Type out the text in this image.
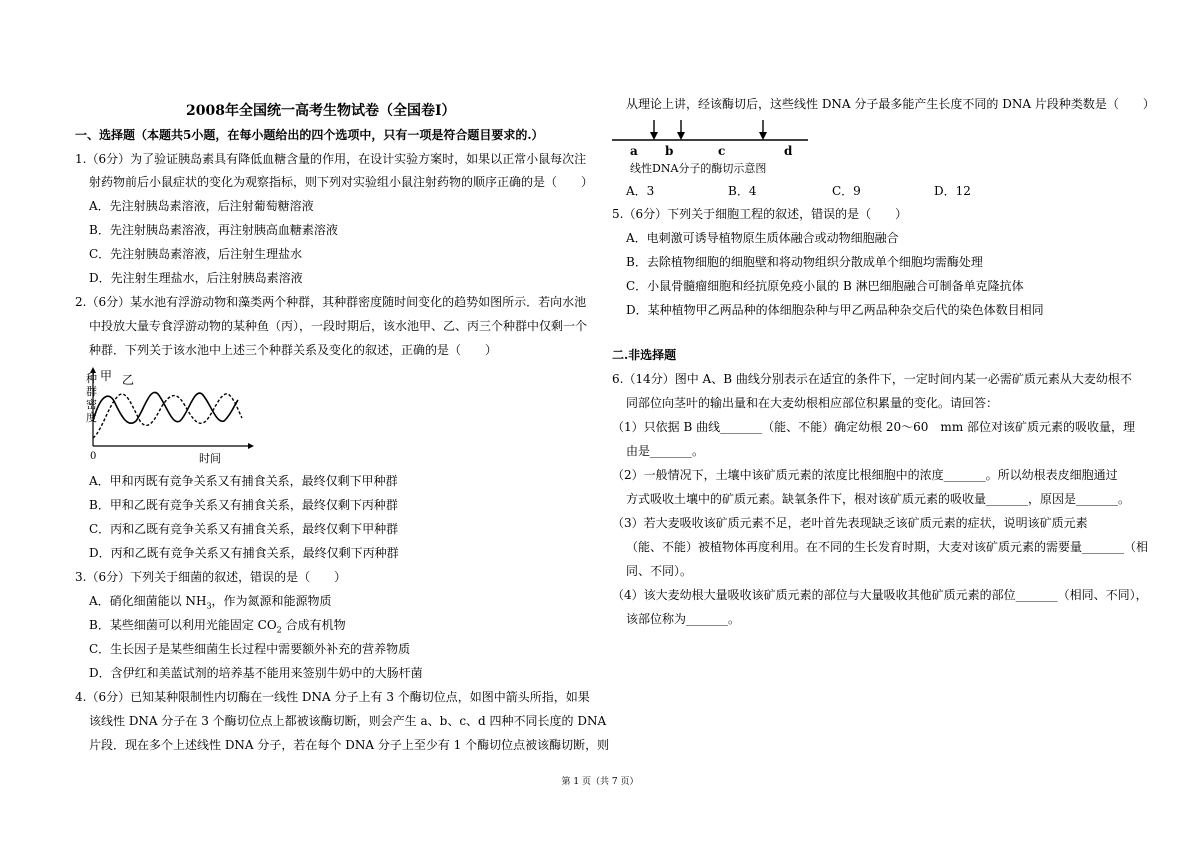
2008年全国统一高考生物试卷（全国卷Ⅰ）
一、选择题（本题共5小题，在每小题给出的四个选项中，只有一项是符合题目要求的.）
1.（6分）为了验证胰岛素具有降低血糖含量的作用，在设计实验方案时，如果以正常小鼠每次注
射药物前后小鼠症状的变化为观察指标，则下列对实验组小鼠注射药物的顺序正确的是（　　）
A．先注射胰岛素溶液，后注射葡萄糖溶液
B．先注射胰岛素溶液，再注射胰高血糖素溶液
C．先注射胰岛素溶液，后注射生理盐水
D．先注射生理盐水，后注射胰岛素溶液
2.（6分）某水池有浮游动物和藻类两个种群，其种群密度随时间变化的趋势如图所示．若向水池
中投放大量专食浮游动物的某种鱼（丙），一段时期后，该水池甲、乙、丙三个种群中仅剩一个
种群．下列关于该水池中上述三个种群关系及变化的叙述，正确的是（　　）
种
群
密
度
甲 乙
0	时间
A．甲和丙既有竞争关系又有捕食关系，最终仅剩下甲种群
B．甲和乙既有竞争关系又有捕食关系，最终仅剩下丙种群
C．丙和乙既有竞争关系又有捕食关系，最终仅剩下甲种群
D．丙和乙既有竞争关系又有捕食关系，最终仅剩下丙种群
3.（6分）下列关于细菌的叙述，错误的是（　　）
A．硝化细菌能以 $NH_3$，作为氮源和能源物质
B．某些细菌可以利用光能固定 $CO_2$ 合成有机物
C．生长因子是某些细菌生长过程中需要额外补充的营养物质
D．含伊红和美蓝试剂的培养基不能用来签别牛奶中的大肠杆菌
4.（6分）已知某种限制性内切酶在一线性 DNA 分子上有 3 个酶切位点，如图中箭头所指，如果
该线性 DNA 分子在 3 个酶切位点上都被该酶切断，则会产生 a、b、c、d 四种不同长度的 DNA
片段．现在多个上述线性 DNA 分子，若在每个 DNA 分子上至少有 1 个酶切位点被该酶切断，则
从理论上讲，经该酶切后，这些线性 DNA 分子最多能产生长度不同的 DNA 片段种类数是（　　）
a b	c	d
线性DNA分子的酶切示意图
A．3	B．4	C．9	D．12
5.（6分）下列关于细胞工程的叙述，错误的是（　　）
A．电刺激可诱导植物原生质体融合或动物细胞融合
B．去除植物细胞的细胞壁和将动物组织分散成单个细胞均需酶处理
C．小鼠骨髓瘤细胞和经抗原免疫小鼠的 B 淋巴细胞融合可制备单克隆抗体
D．某种植物甲乙两品种的体细胞杂种与甲乙两品种杂交后代的染色体数目相同
二.非选择题
6.（14分）图中 A、B 曲线分别表示在适宜的条件下，一定时间内某一必需矿质元素从大麦幼根不
同部位向茎叶的输出量和在大麦幼根相应部位积累量的变化。请回答：
（1）只依据 B 曲线_______（能、不能）确定幼根 20～60　mm 部位对该矿质元素的吸收量，理
由是_______。
（2）一般情况下，土壤中该矿质元素的浓度比根细胞中的浓度_______。所以幼根表皮细胞通过
方式吸收土壤中的矿质元素。缺氧条件下，根对该矿质元素的吸收量_______，原因是_______。
（3）若大麦吸收该矿质元素不足，老叶首先表现缺乏该矿质元素的症状，说明该矿质元素
（能、不能）被植物体再度利用。在不同的生长发育时期，大麦对该矿质元素的需要量_______（相
同、不同）。
（4）该大麦幼根大量吸收该矿质元素的部位与大量吸收其他矿质元素的部位_______（相同、不同），
该部位称为_______。
第 1 页（共 7 页）
